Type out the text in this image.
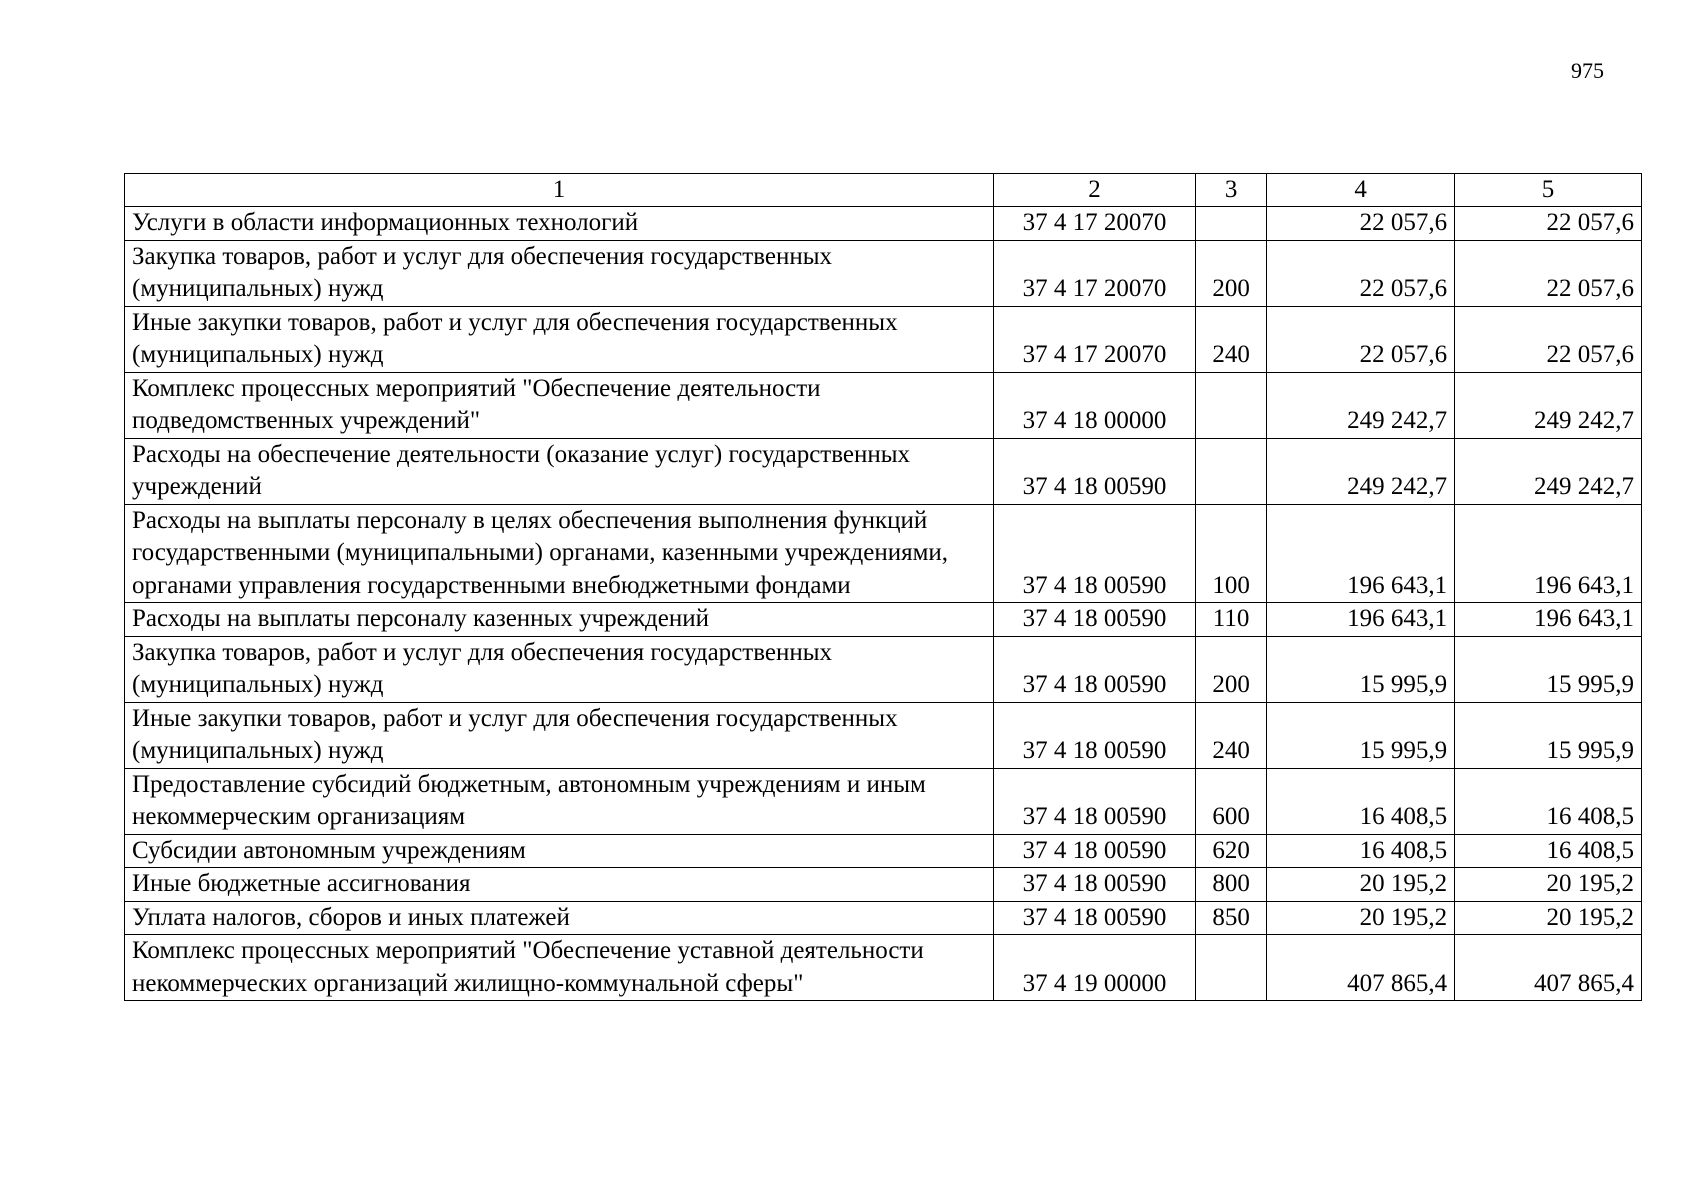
975
1	2	3	4	5
Услуги в области информационных технологий	37 4 17 20070		22 057,6	22 057,6
Закупка товаров, работ и услуг для обеспечения государственных (муниципальных) нужд	37 4 17 20070	200	22 057,6	22 057,6
Иные закупки товаров, работ и услуг для обеспечения государственных (муниципальных) нужд	37 4 17 20070	240	22 057,6	22 057,6
Комплекс процессных мероприятий "Обеспечение деятельности подведомственных учреждений"	37 4 18 00000		249 242,7	249 242,7
Расходы на обеспечение деятельности (оказание услуг) государственных учреждений	37 4 18 00590		249 242,7	249 242,7
Расходы на выплаты персоналу в целях обеспечения выполнения функций государственными (муниципальными) органами, казенными учреждениями, органами управления государственными внебюджетными фондами	37 4 18 00590	100	196 643,1	196 643,1
Расходы на выплаты персоналу казенных учреждений	37 4 18 00590	110	196 643,1	196 643,1
Закупка товаров, работ и услуг для обеспечения государственных (муниципальных) нужд	37 4 18 00590	200	15 995,9	15 995,9
Иные закупки товаров, работ и услуг для обеспечения государственных (муниципальных) нужд	37 4 18 00590	240	15 995,9	15 995,9
Предоставление субсидий бюджетным, автономным учреждениям и иным некоммерческим организациям	37 4 18 00590	600	16 408,5	16 408,5
Субсидии автономным учреждениям	37 4 18 00590	620	16 408,5	16 408,5
Иные бюджетные ассигнования	37 4 18 00590	800	20 195,2	20 195,2
Уплата налогов, сборов и иных платежей	37 4 18 00590	850	20 195,2	20 195,2
Комплекс процессных мероприятий "Обеспечение уставной деятельности некоммерческих организаций жилищно-коммунальной сферы"	37 4 19 00000		407 865,4	407 865,4
